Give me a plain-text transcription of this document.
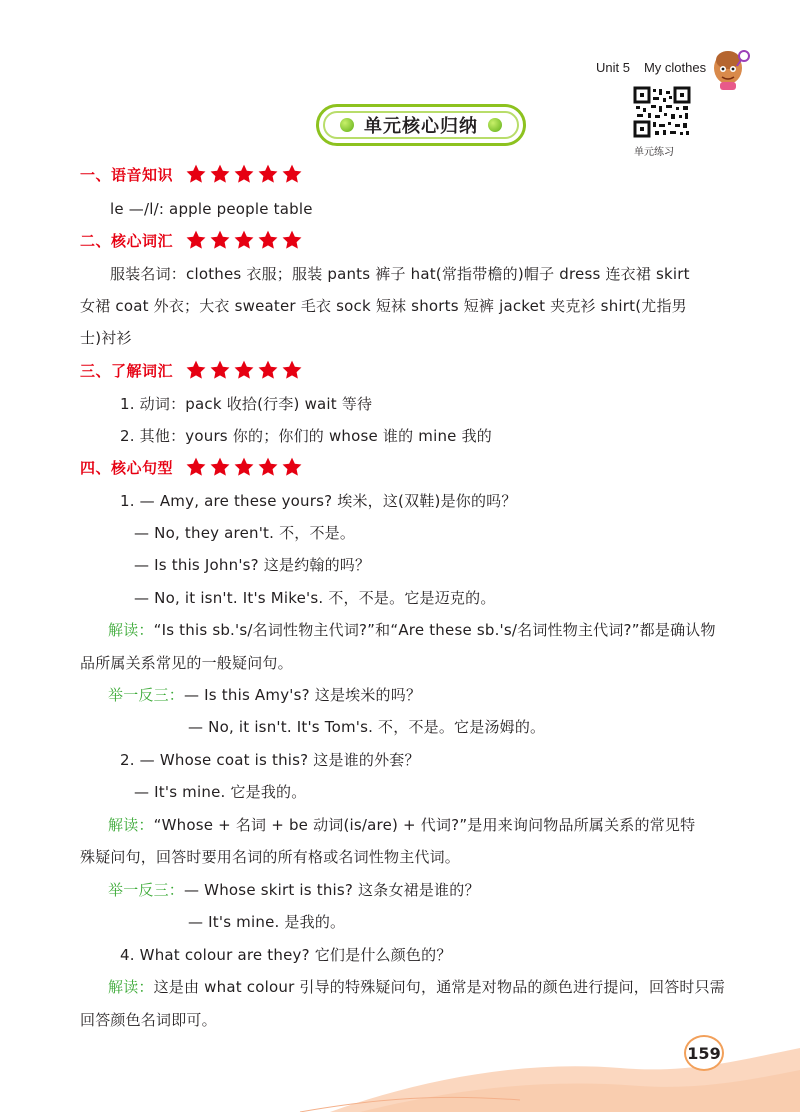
Unit 5 My clothes
单元练习
单元核心归纳
一、语音知识
le —/l/: apple people table
二、核心词汇
服装名词：clothes 衣服；服装 pants 裤子 hat(常指带檐的)帽子 dress 连衣裙 skirt
女裙 coat 外衣；大衣 sweater 毛衣 sock 短袜 shorts 短裤 jacket 夹克衫 shirt(尤指男
士)衬衫
三、了解词汇
1. 动词：pack 收拾(行李) wait 等待
2. 其他：yours 你的；你们的 whose 谁的 mine 我的
四、核心句型
1. — Amy, are these yours? 埃米，这(双鞋)是你的吗？
— No, they aren't. 不，不是。
— Is this John's? 这是约翰的吗？
— No, it isn't. It's Mike's. 不，不是。它是迈克的。
解读：“Is this sb.'s/名词性物主代词?”和“Are these sb.'s/名词性物主代词?”都是确认物
品所属关系常见的一般疑问句。
举一反三：— Is this Amy's? 这是埃米的吗？
— No, it isn't. It's Tom's. 不，不是。它是汤姆的。
2. — Whose coat is this? 这是谁的外套？
— It's mine. 它是我的。
解读：“Whose + 名词 + be 动词(is/are) + 代词?”是用来询问物品所属关系的常见特
殊疑问句，回答时要用名词的所有格或名词性物主代词。
举一反三：— Whose skirt is this? 这条女裙是谁的？
— It's mine. 是我的。
4. What colour are they? 它们是什么颜色的？
解读：这是由 what colour 引导的特殊疑问句，通常是对物品的颜色进行提问，回答时只需
回答颜色名词即可。
159
